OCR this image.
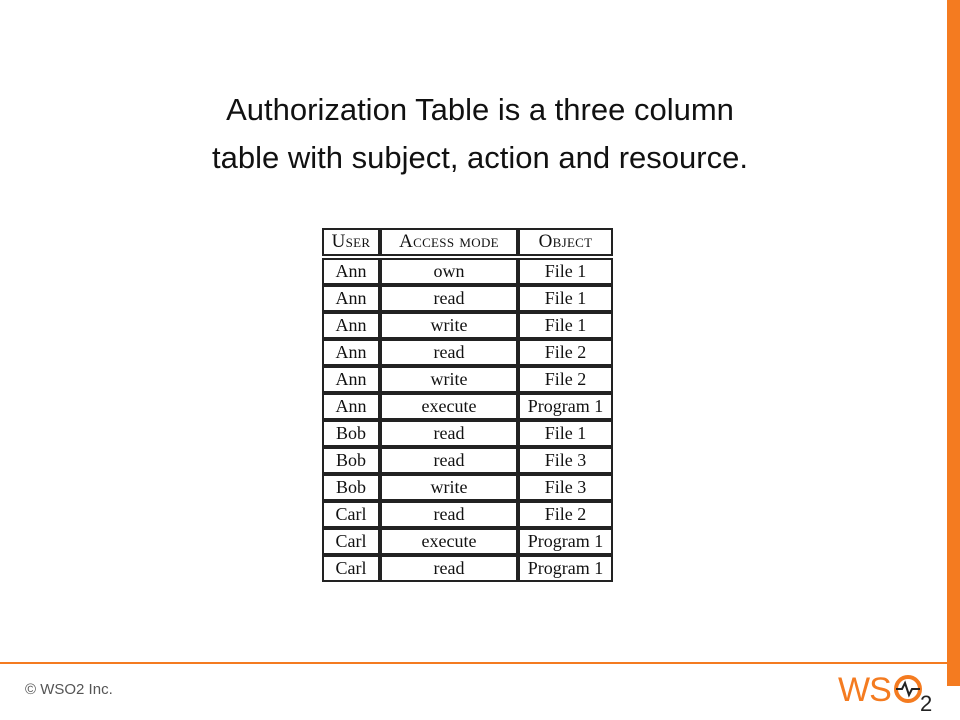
Authorization Table is a three column
table with subject, action and resource.
User	Access mode	Object

Ann	own	File 1
Ann	read	File 1
Ann	write	File 1
Ann	read	File 2
Ann	write	File 2
Ann	execute	Program 1
Bob	read	File 1
Bob	read	File 3
Bob	write	File 3
Carl	read	File 2
Carl	execute	Program 1
Carl	read	Program 1
© WSO2 Inc.	WS 2
